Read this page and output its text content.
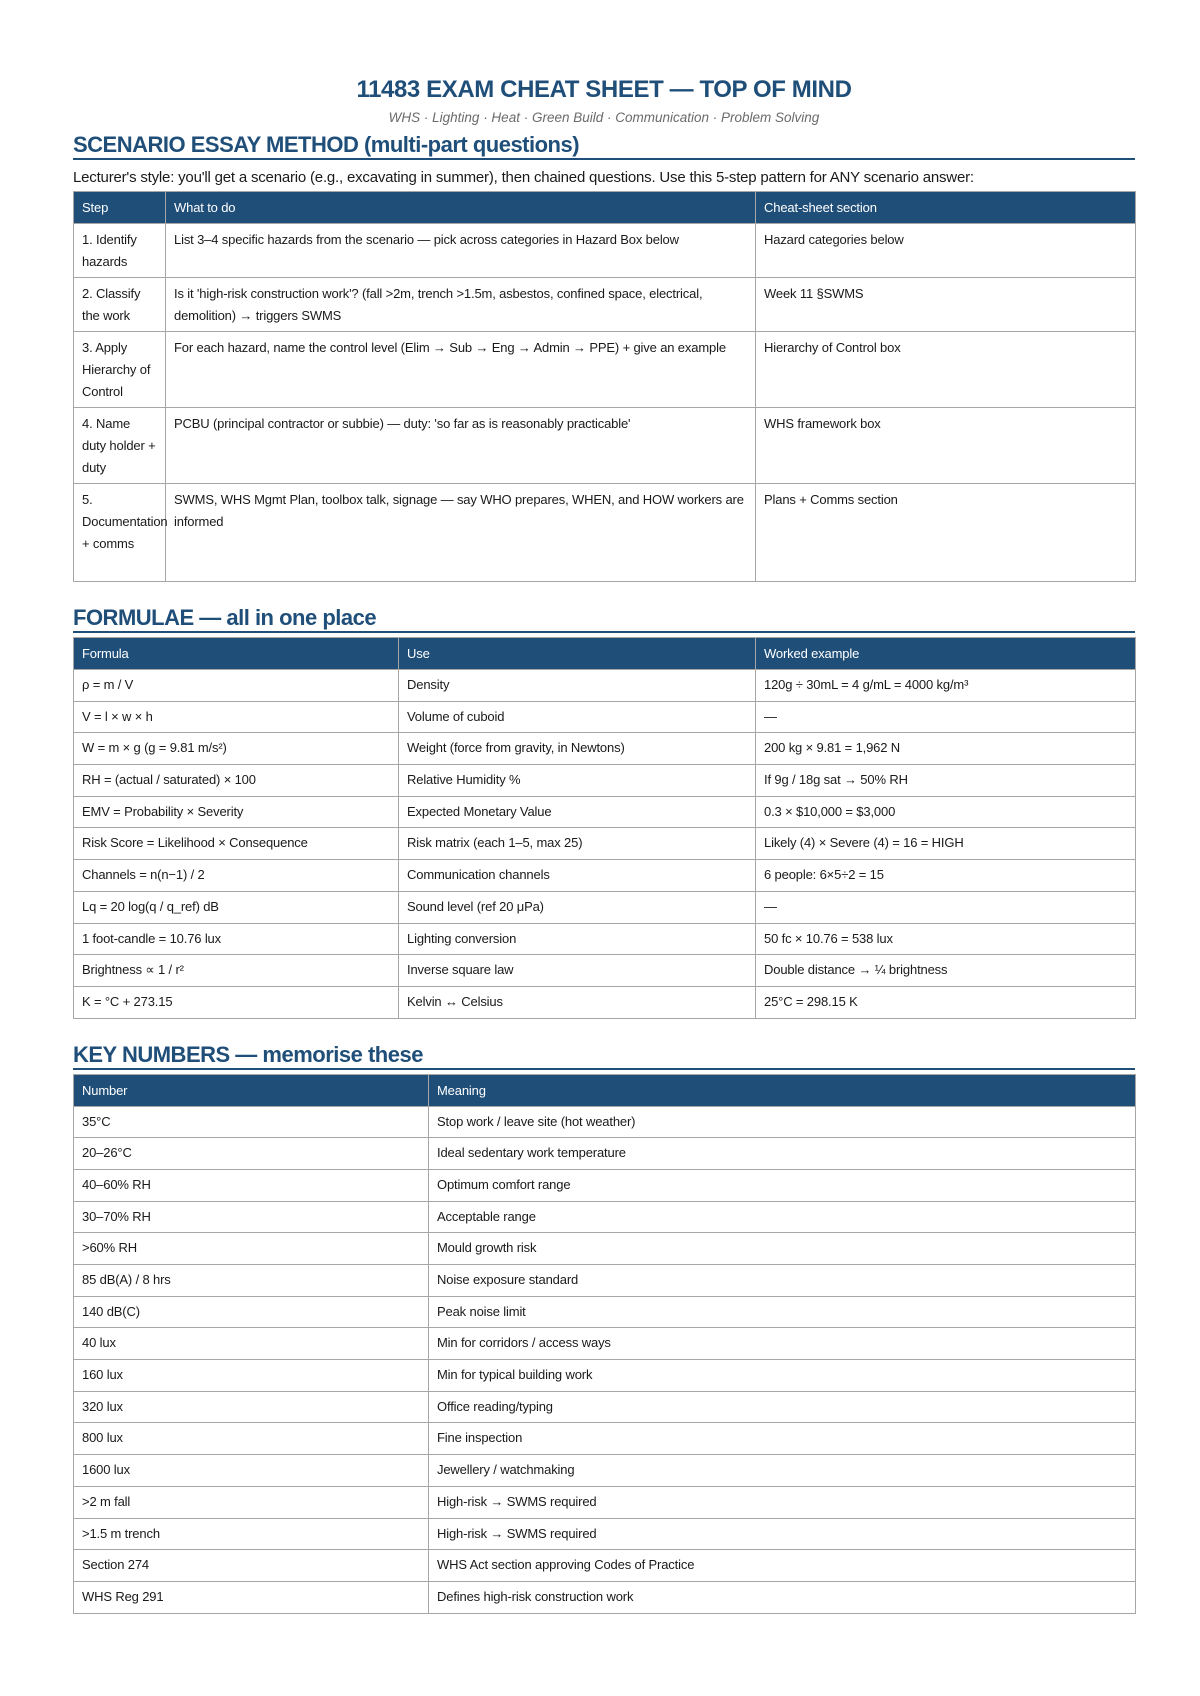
11483 EXAM CHEAT SHEET — TOP OF MIND
WHS · Lighting · Heat · Green Build · Communication · Problem Solving
SCENARIO ESSAY METHOD (multi-part questions)
Lecturer's style: you'll get a scenario (e.g., excavating in summer), then chained questions. Use this 5-step pattern for ANY scenario answer:
Step	What to do	Cheat-sheet section
1. Identify hazards	List 3–4 specific hazards from the scenario — pick across categories in Hazard Box below	Hazard categories below
2. Classify the work	Is it 'high-risk construction work'? (fall >2m, trench >1.5m, asbestos, confined space, electrical, demolition) → triggers SWMS	Week 11 §SWMS
3. Apply Hierarchy of Control	For each hazard, name the control level (Elim → Sub → Eng → Admin → PPE) + give an example	Hierarchy of Control box
4. Name duty holder + duty	PCBU (principal contractor or subbie) — duty: 'so far as is reasonably practicable'	WHS framework box
5. Documentation + comms	SWMS, WHS Mgmt Plan, toolbox talk, signage — say WHO prepares, WHEN, and HOW workers are informed	Plans + Comms section
FORMULAE — all in one place
Formula	Use	Worked example
ρ = m / V	Density	120g ÷ 30mL = 4 g/mL = 4000 kg/m³
V = l × w × h	Volume of cuboid	—
W = m × g (g = 9.81 m/s²)	Weight (force from gravity, in Newtons)	200 kg × 9.81 = 1,962 N
RH = (actual / saturated) × 100	Relative Humidity %	If 9g / 18g sat → 50% RH
EMV = Probability × Severity	Expected Monetary Value	0.3 × $10,000 = $3,000
Risk Score = Likelihood × Consequence	Risk matrix (each 1–5, max 25)	Likely (4) × Severe (4) = 16 = HIGH
Channels = n(n−1) / 2	Communication channels	6 people: 6×5÷2 = 15
Lq = 20 log(q / q_ref) dB	Sound level (ref 20 μPa)	—
1 foot-candle = 10.76 lux	Lighting conversion	50 fc × 10.76 = 538 lux
Brightness ∝ 1 / r²	Inverse square law	Double distance → ¼ brightness
K = °C + 273.15	Kelvin ↔ Celsius	25°C = 298.15 K
KEY NUMBERS — memorise these
Number	Meaning
35°C	Stop work / leave site (hot weather)
20–26°C	Ideal sedentary work temperature
40–60% RH	Optimum comfort range
30–70% RH	Acceptable range
>60% RH	Mould growth risk
85 dB(A) / 8 hrs	Noise exposure standard
140 dB(C)	Peak noise limit
40 lux	Min for corridors / access ways
160 lux	Min for typical building work
320 lux	Office reading/typing
800 lux	Fine inspection
1600 lux	Jewellery / watchmaking
>2 m fall	High-risk → SWMS required
>1.5 m trench	High-risk → SWMS required
Section 274	WHS Act section approving Codes of Practice
WHS Reg 291	Defines high-risk construction work
